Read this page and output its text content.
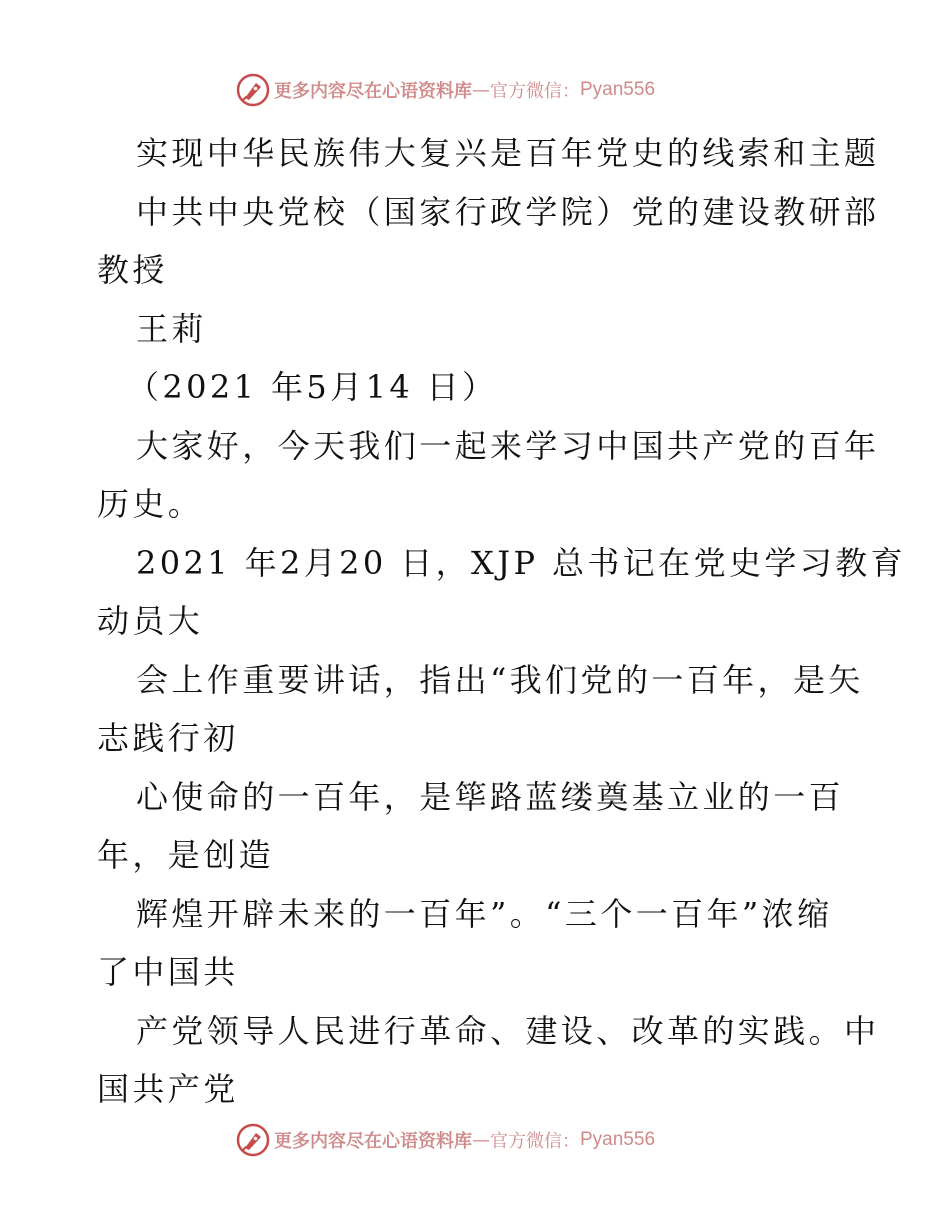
更多内容尽在心语资料库 — 官方微信： Pyan556
实现中华民族伟大复兴是百年党史的线索和主题
中共中央党校（国家行政学院）党的建设教研部
教授
王莉
（2021 年5月14 日）
大家好，今天我们一起来学习中国共产党的百年
历史。
2021 年2月20 日，XJP 总书记在党史学习教育
动员大
会上作重要讲话，指出“我们党的一百年，是矢
志践行初
心使命的一百年，是筚路蓝缕奠基立业的一百
年，是创造
辉煌开辟未来的一百年”。“三个一百年”浓缩
了中国共
产党领导人民进行革命、建设、改革的实践。中
国共产党
更多内容尽在心语资料库 — 官方微信： Pyan556
